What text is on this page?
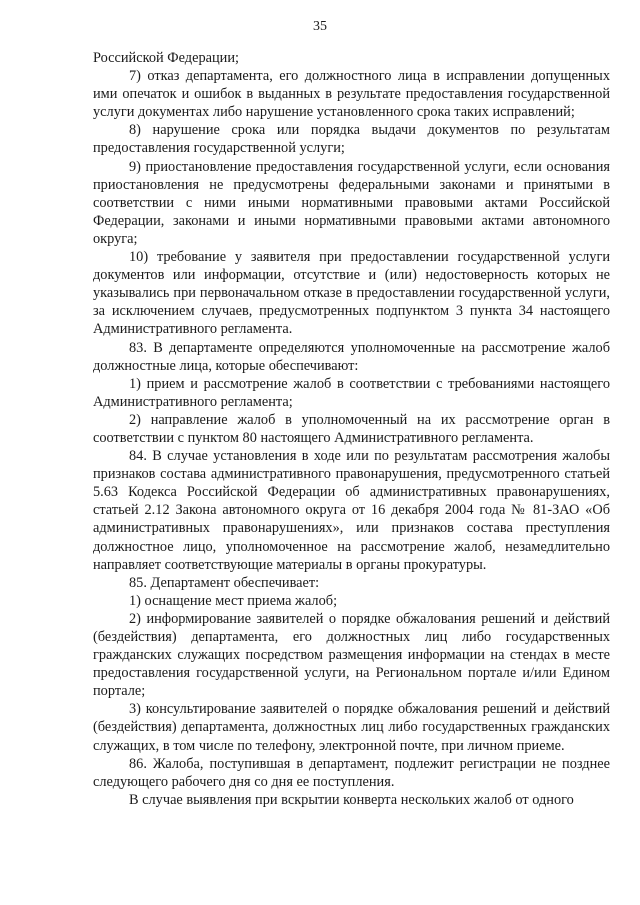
35

Российской Федерации;

7) отказ департамента, его должностного лица в исправлении допущенных ими опечаток и ошибок в выданных в результате предоставления государственной услуги документах либо нарушение установленного срока таких исправлений;

8) нарушение срока или порядка выдачи документов по результатам предоставления государственной услуги;

9) приостановление предоставления государственной услуги, если основания приостановления не предусмотрены федеральными законами и принятыми в соответствии с ними иными нормативными правовыми актами Российской Федерации, законами и иными нормативными правовыми актами автономного округа;

10) требование у заявителя при предоставлении государственной услуги документов или информации, отсутствие и (или) недостоверность которых не указывались при первоначальном отказе в предоставлении государственной услуги, за исключением случаев, предусмотренных подпунктом 3 пункта 34 настоящего Административного регламента.

83. В департаменте определяются уполномоченные на рассмотрение жалоб должностные лица, которые обеспечивают:

1) прием и рассмотрение жалоб в соответствии с требованиями настоящего Административного регламента;

2) направление жалоб в уполномоченный на их рассмотрение орган в соответствии с пунктом 80 настоящего Административного регламента.

84. В случае установления в ходе или по результатам рассмотрения жалобы признаков состава административного правонарушения, предусмотренного статьей 5.63 Кодекса Российской Федерации об административных правонарушениях, статьей 2.12 Закона автономного округа от 16 декабря 2004 года № 81-ЗАО «Об административных правонарушениях», или признаков состава преступления должностное лицо, уполномоченное на рассмотрение жалоб, незамедлительно направляет соответствующие материалы в органы прокуратуры.

85. Департамент обеспечивает:

1) оснащение мест приема жалоб;

2) информирование заявителей о порядке обжалования решений и действий (бездействия) департамента, его должностных лиц либо государственных гражданских служащих посредством размещения информации на стендах в месте предоставления государственной услуги, на Региональном портале и/или Едином портале;

3) консультирование заявителей о порядке обжалования решений и действий (бездействия) департамента, должностных лиц либо государственных гражданских служащих, в том числе по телефону, электронной почте, при личном приеме.

86. Жалоба, поступившая в департамент, подлежит регистрации не позднее следующего рабочего дня со дня ее поступления.

В случае выявления при вскрытии конверта нескольких жалоб от одного
